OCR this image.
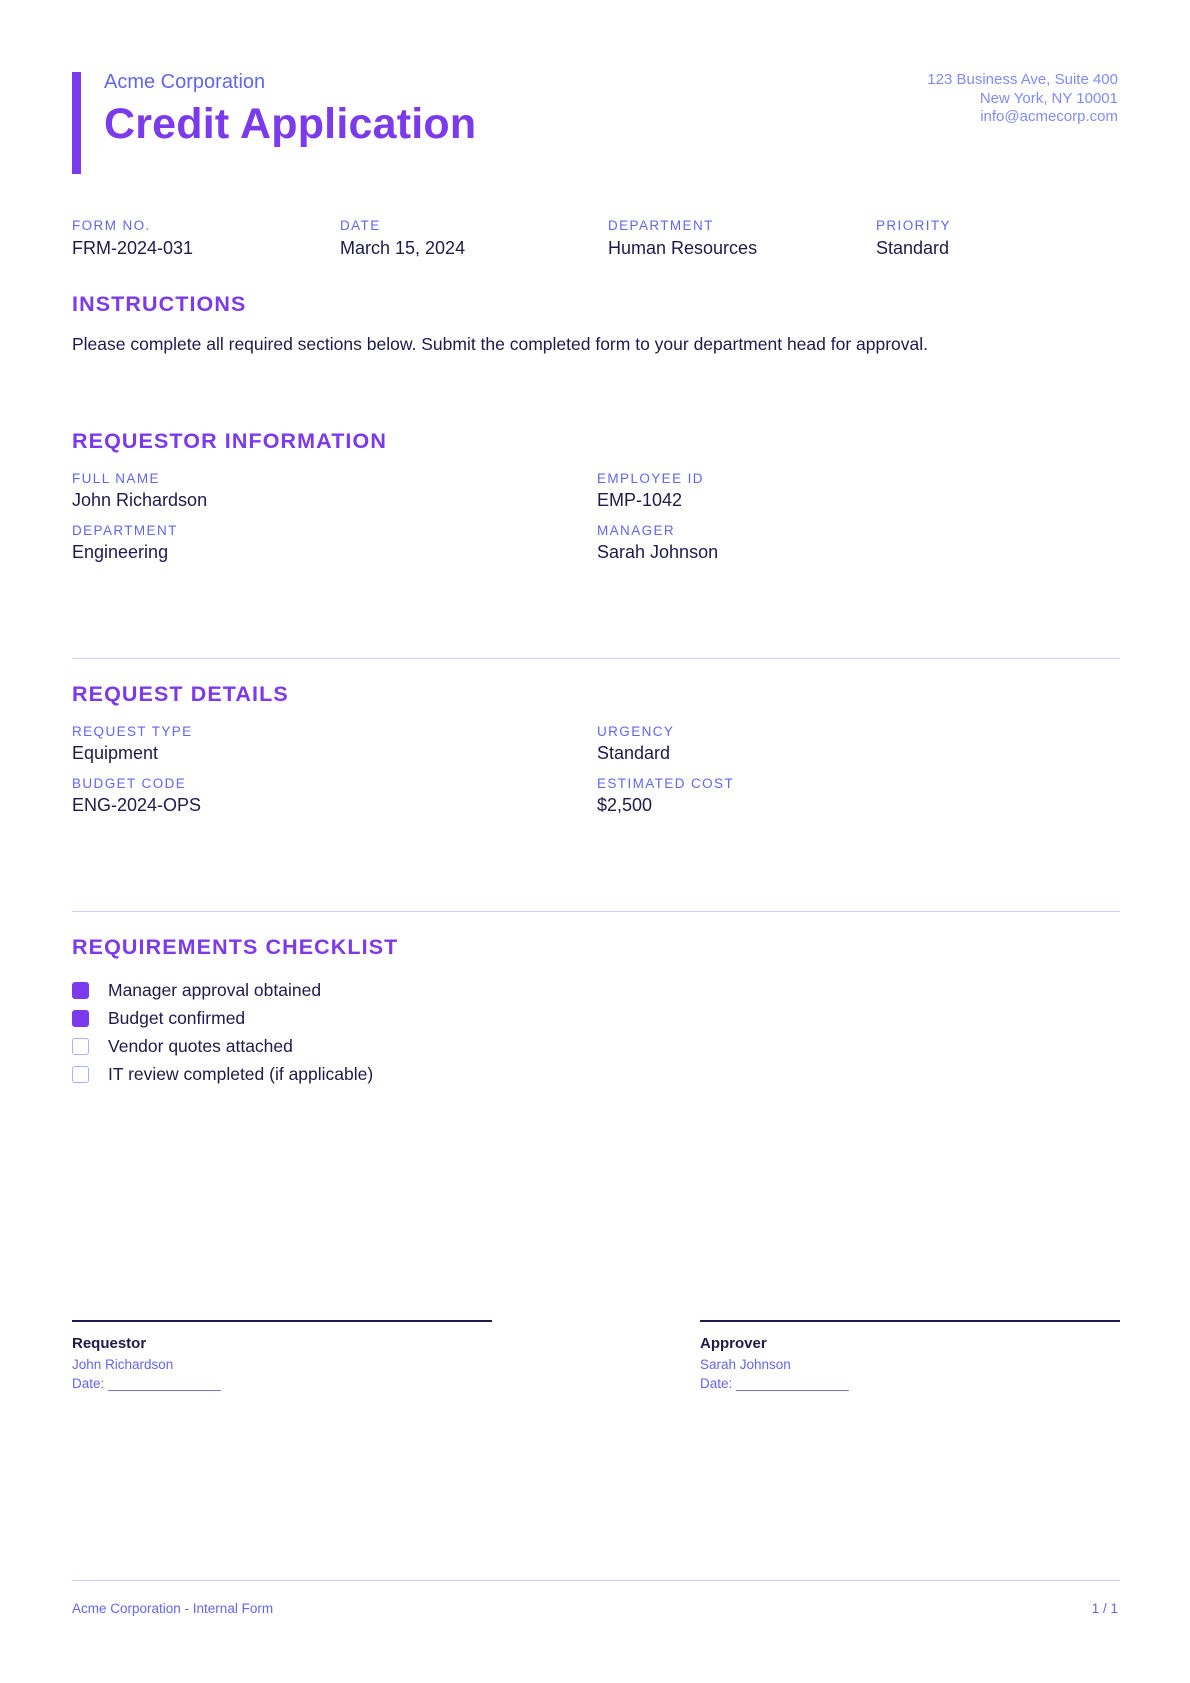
Acme Corporation
Credit Application
123 Business Ave, Suite 400
New York, NY 10001
info@acmecorp.com
FORM NO.
FRM-2024-031
DATE
March 15, 2024
DEPARTMENT
Human Resources
PRIORITY
Standard
INSTRUCTIONS
Please complete all required sections below. Submit the completed form to your department head for approval.
REQUESTOR INFORMATION
FULL NAME
John Richardson
EMPLOYEE ID
EMP-1042
DEPARTMENT
Engineering
MANAGER
Sarah Johnson
REQUEST DETAILS
REQUEST TYPE
Equipment
URGENCY
Standard
BUDGET CODE
ENG-2024-OPS
ESTIMATED COST
$2,500
REQUIREMENTS CHECKLIST
Manager approval obtained
Budget confirmed
Vendor quotes attached
IT review completed (if applicable)
Requestor
John Richardson
Date: _______________
Approver
Sarah Johnson
Date: _______________
Acme Corporation - Internal Form	1 / 1
